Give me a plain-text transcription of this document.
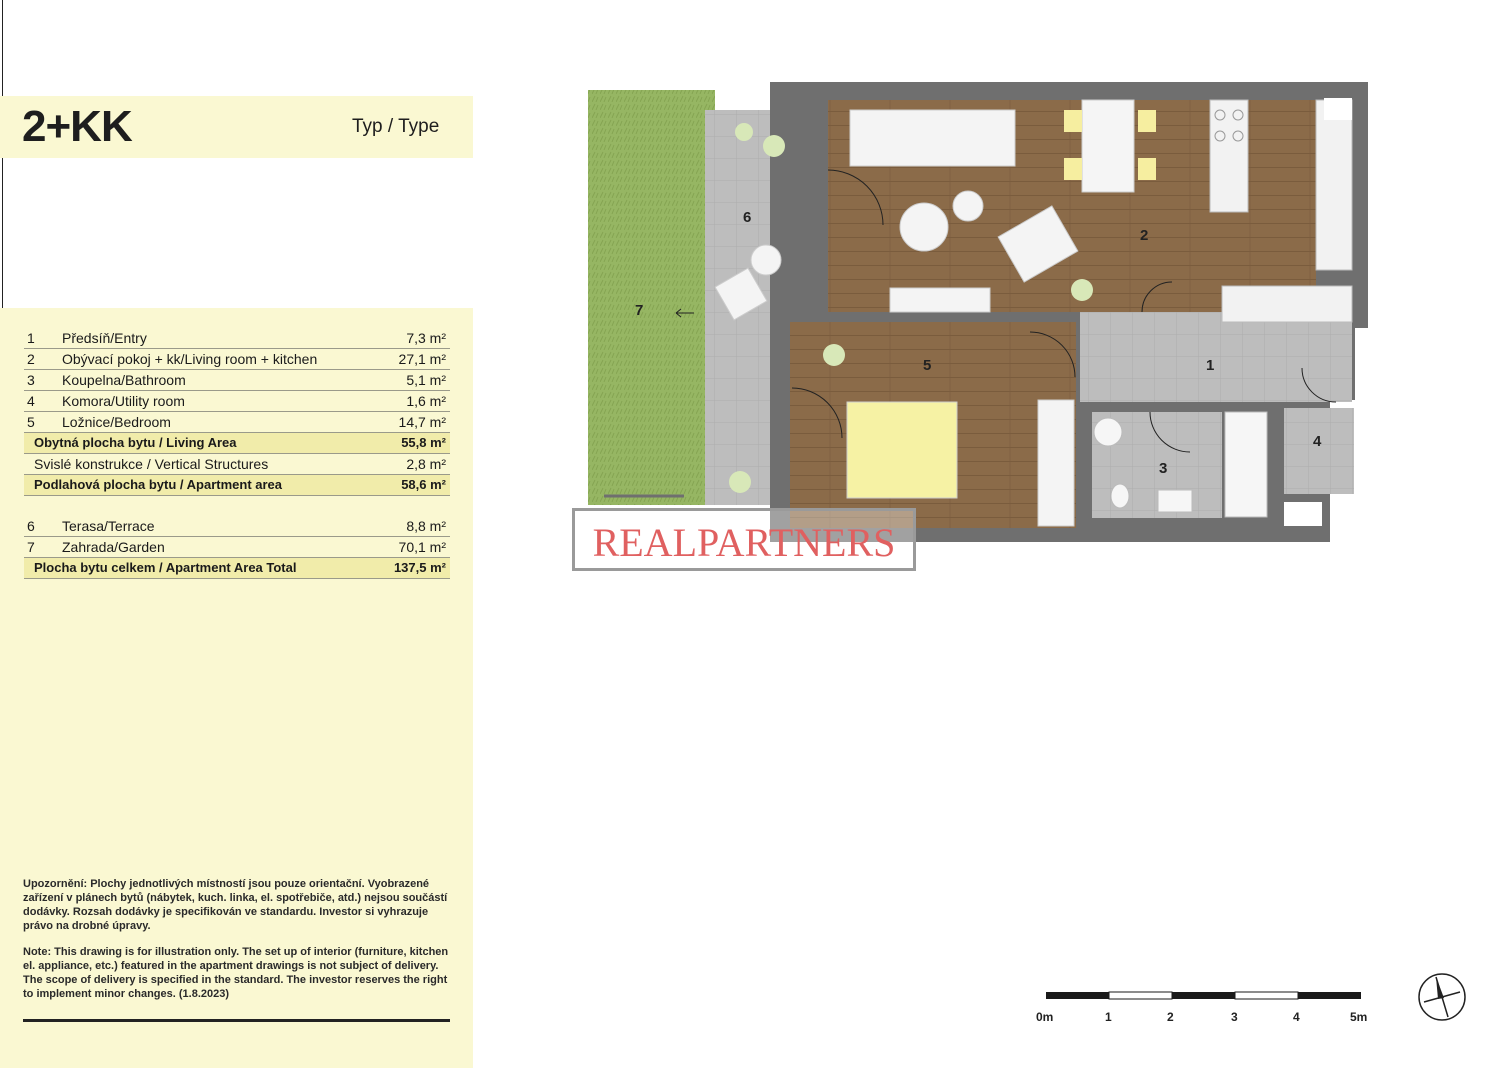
2+KK	Typ / Type
1 Předsíň/Entry	7,3 m²
2 Obývací pokoj + kk/Living room + kitchen	27,1 m²
3 Koupelna/Bathroom	5,1 m²
4 Komora/Utility room	1,6 m²
5 Ložnice/Bedroom	14,7 m²
Obytná plocha bytu / Living Area	55,8 m²
Svislé konstrukce / Vertical Structures	2,8 m²
Podlahová plocha bytu / Apartment area	58,6 m²
6 Terasa/Terrace	8,8 m²
7 Zahrada/Garden	70,1 m²
Plocha bytu celkem / Apartment Area Total	137,5 m²

Upozornění: Plochy jednotlivých místností jsou pouze orientační. Vyobrazené zařízení v plánech bytů (nábytek, kuch. linka, el. spotřebiče, atd.) nejsou součástí dodávky. Rozsah dodávky je specifikován ve standardu. Investor si vyhrazuje právo na drobné úpravy.

Note: This drawing is for illustration only. The set up of interior (furniture, kitchen el. appliance, etc.) featured in the apartment drawings is not subject of delivery. The scope of delivery is specified in the standard. The investor reserves the right to implement minor changes. (1.8.2023)

6
2
7
5	1
3
4
REALPARTNERS
0m	1	2	3	4	5m
